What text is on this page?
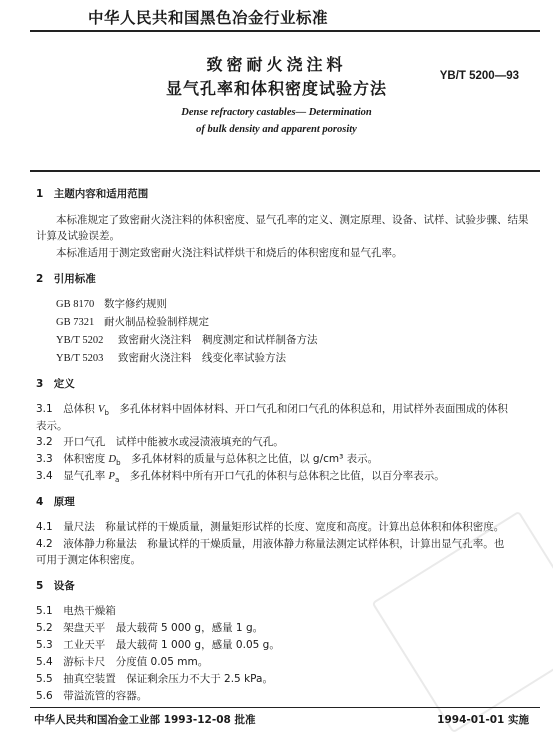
中华人民共和国黑色冶金行业标准
致密耐火浇注料
显气孔率和体积密度试验方法
YB/T 5200—93
Dense refractory castables— Determination
of bulk density and apparent porosity
1　主题内容和适用范围
本标准规定了致密耐火浇注料的体积密度、显气孔率的定义、测定原理、设备、试样、试验步骤、结果
计算及试验误差。
本标准适用于测定致密耐火浇注料试样烘干和烧后的体积密度和显气孔率。
2　引用标准
GB 8170 数字修约规则
GB 7321 耐火制品检验制样规定
YB/T 5202 致密耐火浇注料　稠度测定和试样制备方法
YB/T 5203 致密耐火浇注料　线变化率试验方法
3　定义
3.1　总体积 $V_b$　多孔体材料中固体材料、开口气孔和闭口气孔的体积总和，用试样外表面围成的体积
表示。
3.2　开口气孔　试样中能被水或浸渍液填充的气孔。
3.3　体积密度 $D_b$　多孔体材料的质量与总体积之比值，以 g/cm³ 表示。
3.4　显气孔率 $P_a$　多孔体材料中所有开口气孔的体积与总体积之比值，以百分率表示。
4　原理
4.1　量尺法　称量试样的干燥质量，测量矩形试样的长度、宽度和高度。计算出总体积和体积密度。
4.2　液体静力称量法　称量试样的干燥质量，用液体静力称量法测定试样体积，计算出显气孔率。也
可用于测定体积密度。
5　设备
5.1　电热干燥箱
5.2　架盘天平　最大载荷 5 000 g，感量 1 g。
5.3　工业天平　最大载荷 1 000 g，感量 0.05 g。
5.4　游标卡尺　分度值 0.05 mm。
5.5　抽真空装置　保证剩余压力不大于 2.5 kPa。
5.6　带溢流管的容器。
中华人民共和国冶金工业部 1993-12-08 批准	1994-01-01 实施
